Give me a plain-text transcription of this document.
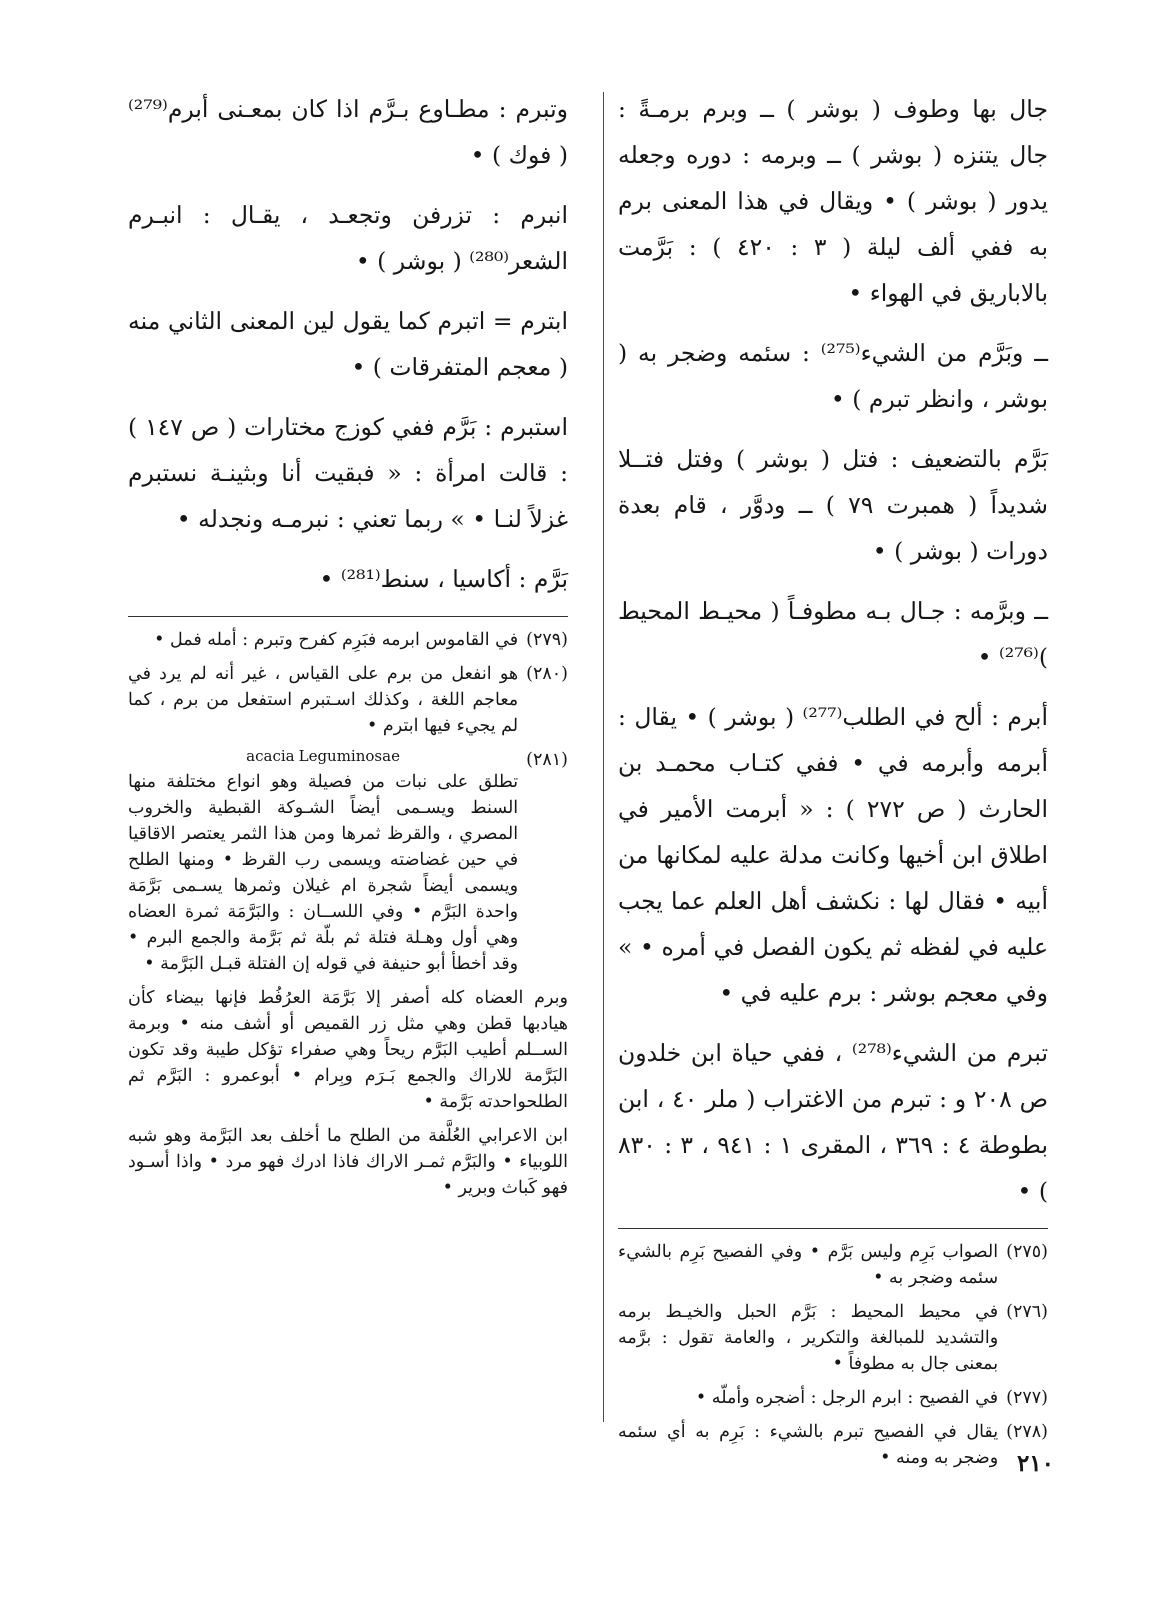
جال بها وطوف ( بوشر ) ــ وبرم برمـةً : جال يتنزه ( بوشر ) ــ وبرمه : دوره وجعله يدور ( بوشر ) • ويقال في هذا المعنى برم به ففي ألف ليلة ( ٣ : ٤٢٠ ) : بَرَّمت بالاباريق في الهواء •

ــ وبَرَّم من الشيء⁽²⁷⁵⁾ : سئمه وضجر به ( بوشر ، وانظر تبرم ) •

بَرَّم بالتضعيف : فتل ( بوشر ) وفتل فتــلا شديداً ( همبرت ٧٩ ) ــ ودوَّر ، قام بعدة دورات ( بوشر ) •

ــ وبرَّمه : جـال بـه مطوفـاً ( محيـط المحيط )⁽²⁷⁶⁾ •

أبرم : ألح في الطلب⁽²⁷⁷⁾ ( بوشر ) • يقال : أبرمه وأبرمه في • ففي كتـاب محمـد بن الحارث ( ص ٢٧٢ ) : « أبرمت الأمير في اطلاق ابن أخيها وكانت مدلة عليه لمكانها من أبيه • فقال لها : نكشف أهل العلم عما يجب عليه في لفظه ثم يكون الفصل في أمره • » وفي معجم بوشر : برم عليه في •

تبرم من الشيء⁽²⁷⁸⁾ ، ففي حياة ابن خلدون ص ٢٠٨ و : تبرم من الاغتراب ( ملر ٤٠ ، ابن بطوطة ٤ : ٣٦٩ ، المقرى ١ : ٩٤١ ، ٣ : ٨٣٠ ) •

(٢٧٥)
الصواب بَرِم وليس بَرَّم • وفي الفصيح بَرِم بالشيء سئمه وضجر به •
(٢٧٦)
في محيط المحيط : بَرَّم الحبل والخيـط برمه والتشديد للمبالغة والتكرير ، والعامة تقول : برَّمه بمعنى جال به مطوفاً •
(٢٧٧)
في الفصيح : ابرم الرجل : أضجره وأملّه •
(٢٧٨)
يقال في الفصيح تبرم بالشيء : بَرِم به أي سئمه وضجر به ومنه •

وتبرم : مطـاوع بـرَّم اذا كان بمعـنى أبرم⁽²⁷⁹⁾ ( فوك ) •

انبرم : تزرفن وتجعـد ، يقـال : انبـرم الشعر⁽²⁸⁰⁾ ( بوشر ) •

ابترم = اتبرم كما يقول لين المعنى الثاني منه ( معجم المتفرقات ) •

استبرم : بَرَّم ففي كوزج مختارات ( ص ١٤٧ ) : قالت امرأة : « فبقيت أنا وبثينـة نستبرم غزلاً لنـا • » ربما تعني : نبرمـه ونجدله •

بَرَّم : أكاسيا ، سنط⁽²⁸¹⁾ •

(٢٧٩)
في القاموس ابرمه فبَرِم كفرح وتبرم : أمله فمل •
(٢٨٠)
هو انفعل من برم على القياس ، غير أنه لم يرد في معاجم اللغة ، وكذلك اسـتبرم استفعل من برم ، كما لم يجيء فيها ابترم •
(٢٨١)
acacia Leguminosae
تطلق على نبات من فصيلة وهو انواع مختلفة منها السنط ويسـمى أيضاً الشـوكة القبطية والخروب المصري ، والقرظ ثمرها ومن هذا الثمر يعتصر الاقاقيا في حين غضاضته ويسمى رب القرظ • ومنها الطلح ويسمى أيضاً شجرة ام غيلان وثمرها يسـمى بَرَّمَة واحدة البَرَّم • وفي اللســان : والبَرَّمَة ثمرة العضاه وهي أول وهـلة فتلة ثم بلّة ثم بَرَّمة والجمع البرم • وقد أخطأ أبو حنيفة في قوله إن الفتلة قبـل البَرَّمة •

وبرم العضاه كله أصفر إلا بَرَّمَة العرُفُط فإنها بيضاء كأن هيادبها قطن وهي مثل زر القميص أو أشف منه • وبرمة الســلم أطيب البَرَّم ريحاً وهي صفراء تؤكل طيبة وقد تكون البَرَّمة للاراك والجمع بَـرَم وبِرام • أبوعمرو : البَرَّم ثم الطلحواحدته بَرَّمة •

ابن الاعرابي العُلَّفة من الطلح ما أخلف بعد البَرَّمة وهو شبه اللوبياء • والبَرَّم ثمـر الاراك فاذا ادرك فهو مرد • واذا أسـود فهو كَباث وبرير •

٢١٠
